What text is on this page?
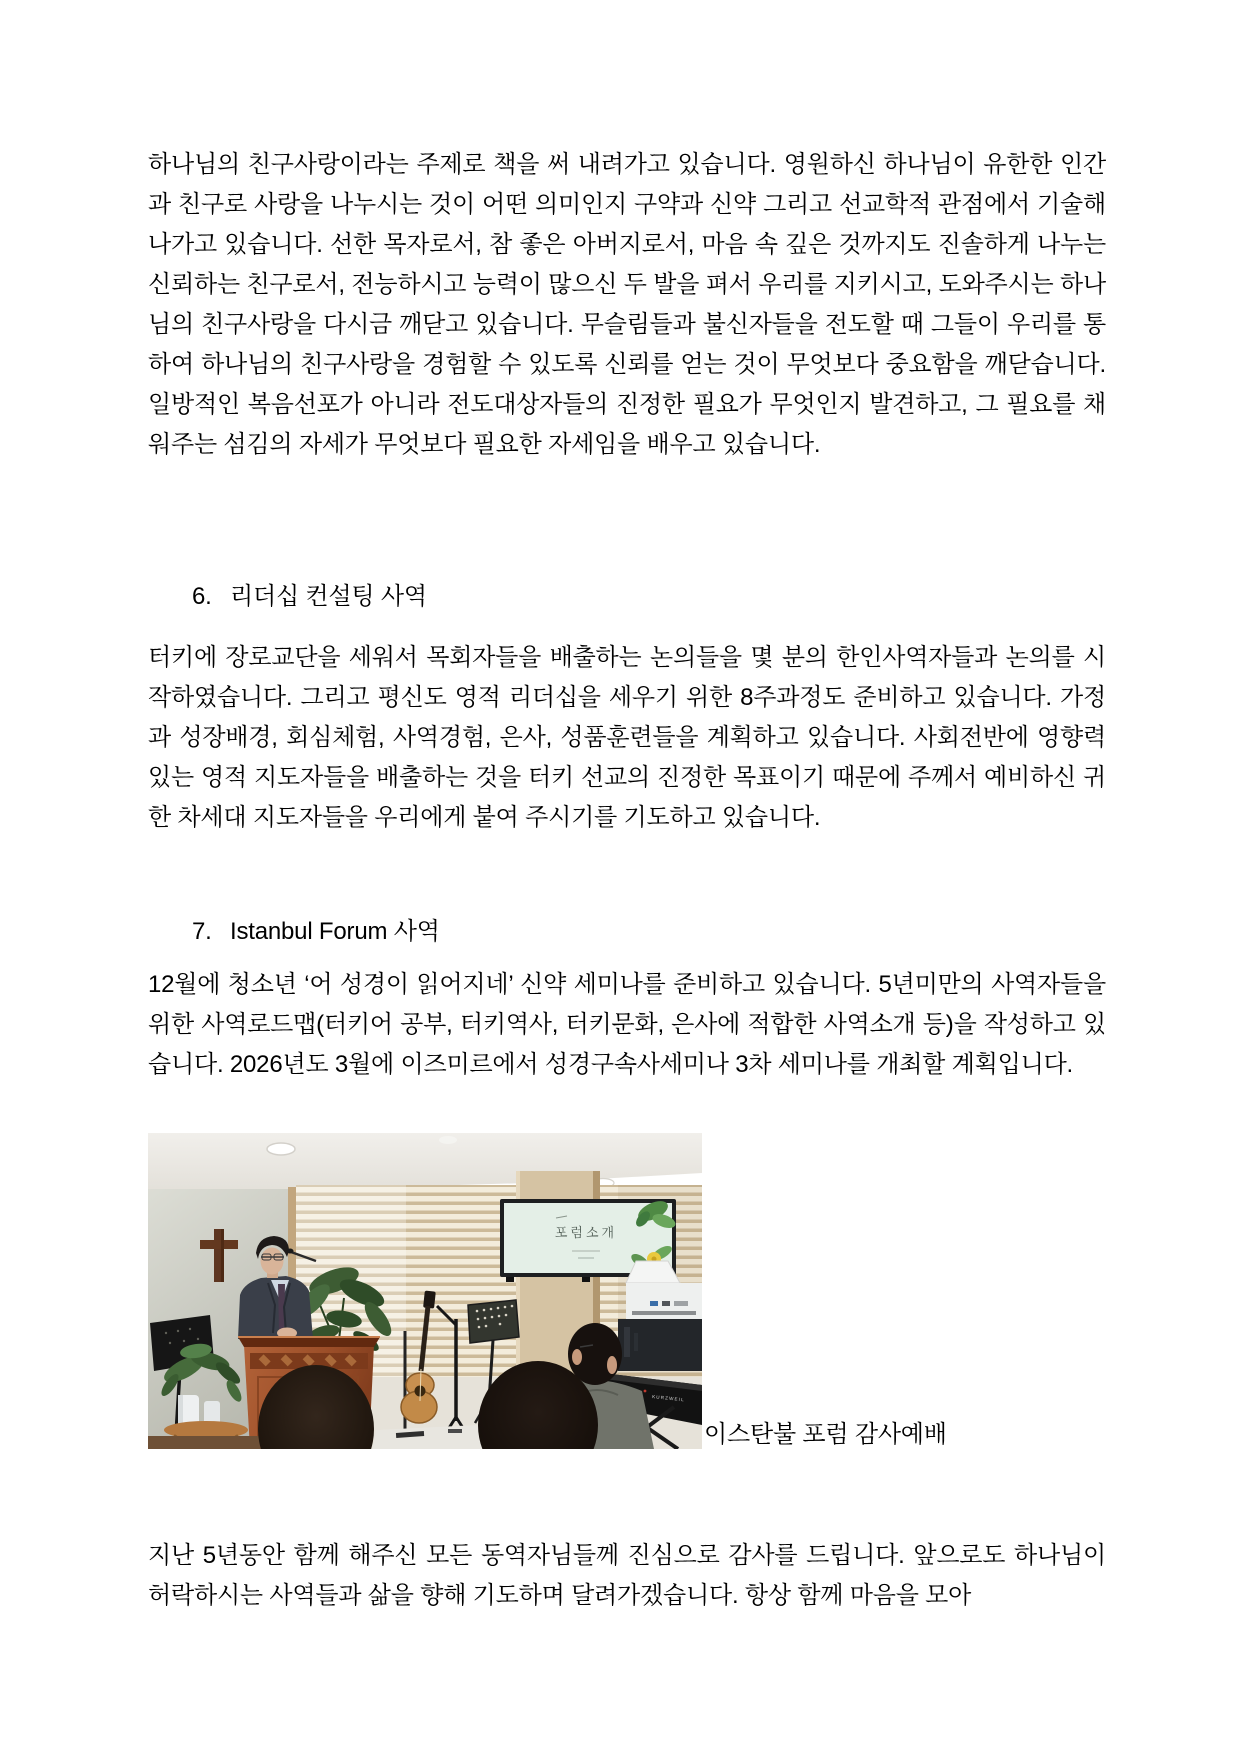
하나님의 친구사랑이라는 주제로 책을 써 내려가고 있습니다. 영원하신 하나님이 유한한 인간과 친구로 사랑을 나누시는 것이 어떤 의미인지 구약과 신약 그리고 선교학적 관점에서 기술해 나가고 있습니다. 선한 목자로서, 참 좋은 아버지로서, 마음 속 깊은 것까지도 진솔하게 나누는 신뢰하는 친구로서, 전능하시고 능력이 많으신 두 발을 펴서 우리를 지키시고, 도와주시는 하나님의 친구사랑을 다시금 깨닫고 있습니다. 무슬림들과 불신자들을 전도할 때 그들이 우리를 통하여 하나님의 친구사랑을 경험할 수 있도록 신뢰를 얻는 것이 무엇보다 중요함을 깨닫습니다. 일방적인 복음선포가 아니라 전도대상자들의 진정한 필요가 무엇인지 발견하고, 그 필요를 채워주는 섬김의 자세가 무엇보다 필요한 자세임을 배우고 있습니다.

6. 리더십 컨설팅 사역

터키에 장로교단을 세워서 목회자들을 배출하는 논의들을 몇 분의 한인사역자들과 논의를 시작하였습니다. 그리고 평신도 영적 리더십을 세우기 위한 8주과정도 준비하고 있습니다. 가정과 성장배경, 회심체험, 사역경험, 은사, 성품훈련들을 계획하고 있습니다. 사회전반에 영향력있는 영적 지도자들을 배출하는 것을 터키 선교의 진정한 목표이기 때문에 주께서 예비하신 귀한 차세대 지도자들을 우리에게 붙여 주시기를 기도하고 있습니다.

7. Istanbul Forum 사역

12월에 청소년 ‘어 성경이 읽어지네’ 신약 세미나를 준비하고 있습니다. 5년미만의 사역자들을 위한 사역로드맵(터키어 공부, 터키역사, 터키문화, 은사에 적합한 사역소개 등)을 작성하고 있습니다. 2026년도 3월에 이즈미르에서 성경구속사세미나 3차 세미나를 개최할 계획입니다.

포럼소개
KURZWEIL
이스탄불 포럼 감사예배

지난 5년동안 함께 해주신 모든 동역자님들께 진심으로 감사를 드립니다. 앞으로도 하나님이 허락하시는 사역들과 삶을 향해 기도하며 달려가겠습니다. 항상 함께 마음을 모아
